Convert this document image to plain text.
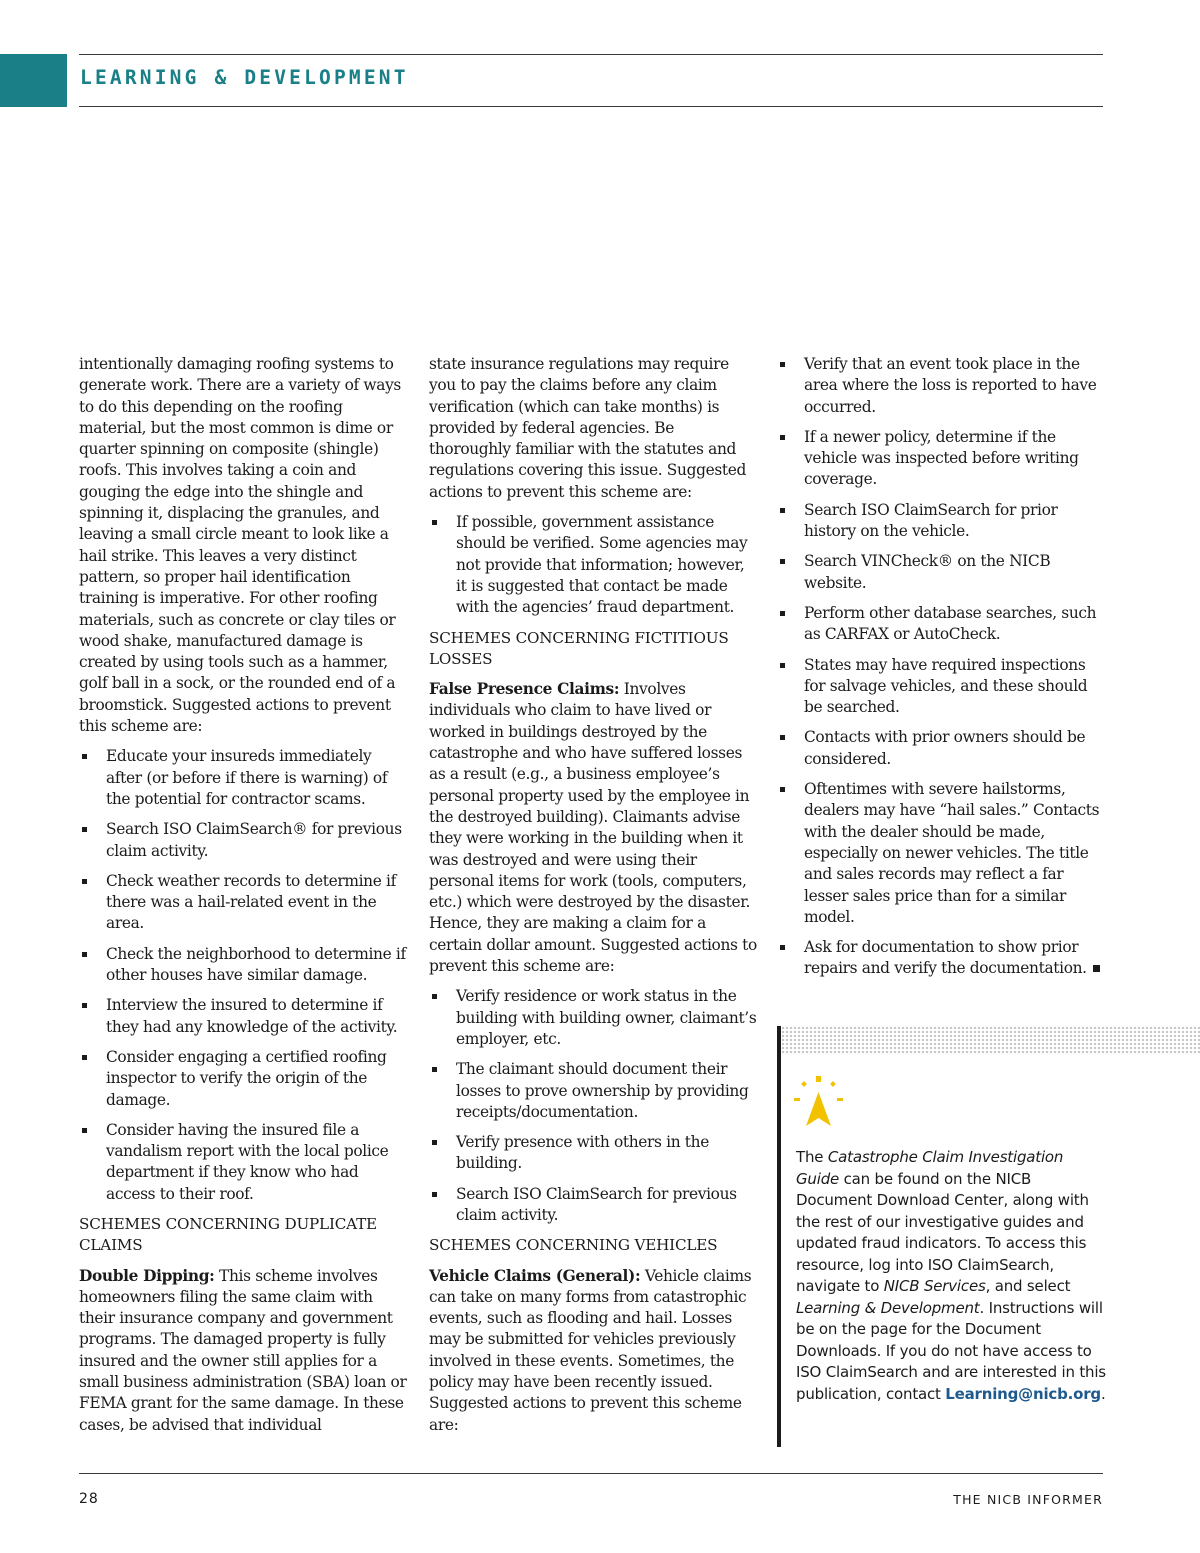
LEARNING & DEVELOPMENT

intentionally damaging roofing systems to generate work. There are a variety of ways to do this depending on the roofing material, but the most common is dime or quarter spinning on composite (shingle) roofs. This involves taking a coin and gouging the edge into the shingle and spinning it, displacing the granules, and leaving a small circle meant to look like a hail strike. This leaves a very distinct pattern, so proper hail identification training is imperative. For other roofing materials, such as concrete or clay tiles or wood shake, manufactured damage is created by using tools such as a hammer, golf ball in a sock, or the rounded end of a broomstick. Suggested actions to prevent this scheme are:

Educate your insureds immediately after (or before if there is warning) of the potential for contractor scams.
Search ISO ClaimSearch® for previous claim activity.
Check weather records to determine if there was a hail-related event in the area.
Check the neighborhood to determine if other houses have similar damage.
Interview the insured to determine if they had any knowledge of the activity.
Consider engaging a certified roofing inspector to verify the origin of the damage.
Consider having the insured file a vandalism report with the local police department if they know who had access to their roof.

SCHEMES CONCERNING DUPLICATE CLAIMS

Double Dipping: This scheme involves homeowners filing the same claim with their insurance company and government programs. The damaged property is fully insured and the owner still applies for a small business administration (SBA) loan or FEMA grant for the same damage. In these cases, be advised that individual

state insurance regulations may require you to pay the claims before any claim verification (which can take months) is provided by federal agencies. Be thoroughly familiar with the statutes and regulations covering this issue. Suggested actions to prevent this scheme are:

If possible, government assistance should be verified. Some agencies may not provide that information; however, it is suggested that contact be made with the agencies’ fraud department.

SCHEMES CONCERNING FICTITIOUS LOSSES

False Presence Claims: Involves individuals who claim to have lived or worked in buildings destroyed by the catastrophe and who have suffered losses as a result (e.g., a business employee’s personal property used by the employee in the destroyed building). Claimants advise they were working in the building when it was destroyed and were using their personal items for work (tools, computers, etc.) which were destroyed by the disaster. Hence, they are making a claim for a certain dollar amount. Suggested actions to prevent this scheme are:

Verify residence or work status in the building with building owner, claimant’s employer, etc.
The claimant should document their losses to prove ownership by providing receipts/documentation.
Verify presence with others in the building.
Search ISO ClaimSearch for previous claim activity.

SCHEMES CONCERNING VEHICLES

Vehicle Claims (General): Vehicle claims can take on many forms from catastrophic events, such as flooding and hail. Losses may be submitted for vehicles previously involved in these events. Sometimes, the policy may have been recently issued. Suggested actions to prevent this scheme are:

Verify that an event took place in the area where the loss is reported to have occurred.
If a newer policy, determine if the vehicle was inspected before writing coverage.
Search ISO ClaimSearch for prior history on the vehicle.
Search VINCheck® on the NICB website.
Perform other database searches, such as CARFAX or AutoCheck.
States may have required inspections for salvage vehicles, and these should be searched.
Contacts with prior owners should be considered.
Oftentimes with severe hailstorms, dealers may have “hail sales.” Contacts with the dealer should be made, especially on newer vehicles. The title and sales records may reflect a far lesser sales price than for a similar model.
Ask for documentation to show prior repairs and verify the documentation.
The Catastrophe Claim Investigation Guide can be found on the NICB Document Download Center, along with the rest of our investigative guides and updated fraud indicators. To access this resource, log into ISO ClaimSearch, navigate to NICB Services, and select Learning & Development. Instructions will be on the page for the Document Downloads. If you do not have access to ISO ClaimSearch and are interested in this publication, contact Learning@nicb.org.
28	THE NICB INFORMER
